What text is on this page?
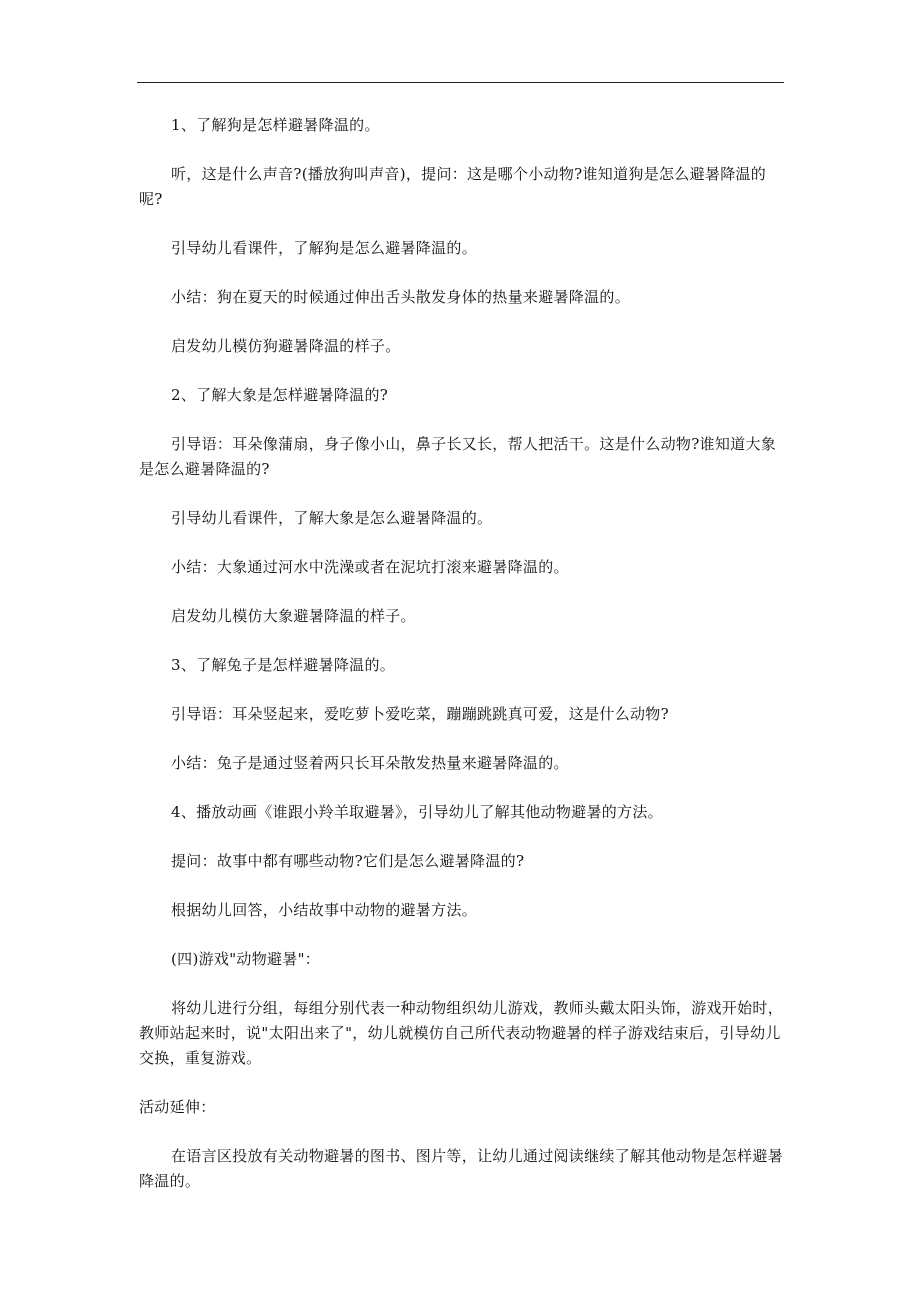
1、了解狗是怎样避暑降温的。

听，这是什么声音?(播放狗叫声音)，提问：这是哪个小动物?谁知道狗是怎么避暑降温的呢?

引导幼儿看课件，了解狗是怎么避暑降温的。

小结：狗在夏天的时候通过伸出舌头散发身体的热量来避暑降温的。

启发幼儿模仿狗避暑降温的样子。

2、了解大象是怎样避暑降温的?

引导语：耳朵像蒲扇，身子像小山，鼻子长又长，帮人把活干。这是什么动物?谁知道大象是怎么避暑降温的?

引导幼儿看课件，了解大象是怎么避暑降温的。

小结：大象通过河水中洗澡或者在泥坑打滚来避暑降温的。

启发幼儿模仿大象避暑降温的样子。

3、了解兔子是怎样避暑降温的。

引导语：耳朵竖起来，爱吃萝卜爱吃菜，蹦蹦跳跳真可爱，这是什么动物?

小结：兔子是通过竖着两只长耳朵散发热量来避暑降温的。

4、播放动画《谁跟小羚羊取避暑》，引导幼儿了解其他动物避暑的方法。

提问：故事中都有哪些动物?它们是怎么避暑降温的?

根据幼儿回答，小结故事中动物的避暑方法。

(四)游戏"动物避暑"：

将幼儿进行分组，每组分别代表一种动物组织幼儿游戏，教师头戴太阳头饰，游戏开始时，教师站起来时，说"太阳出来了"，幼儿就模仿自己所代表动物避暑的样子游戏结束后，引导幼儿交换，重复游戏。

活动延伸：

在语言区投放有关动物避暑的图书、图片等，让幼儿通过阅读继续了解其他动物是怎样避暑降温的。
